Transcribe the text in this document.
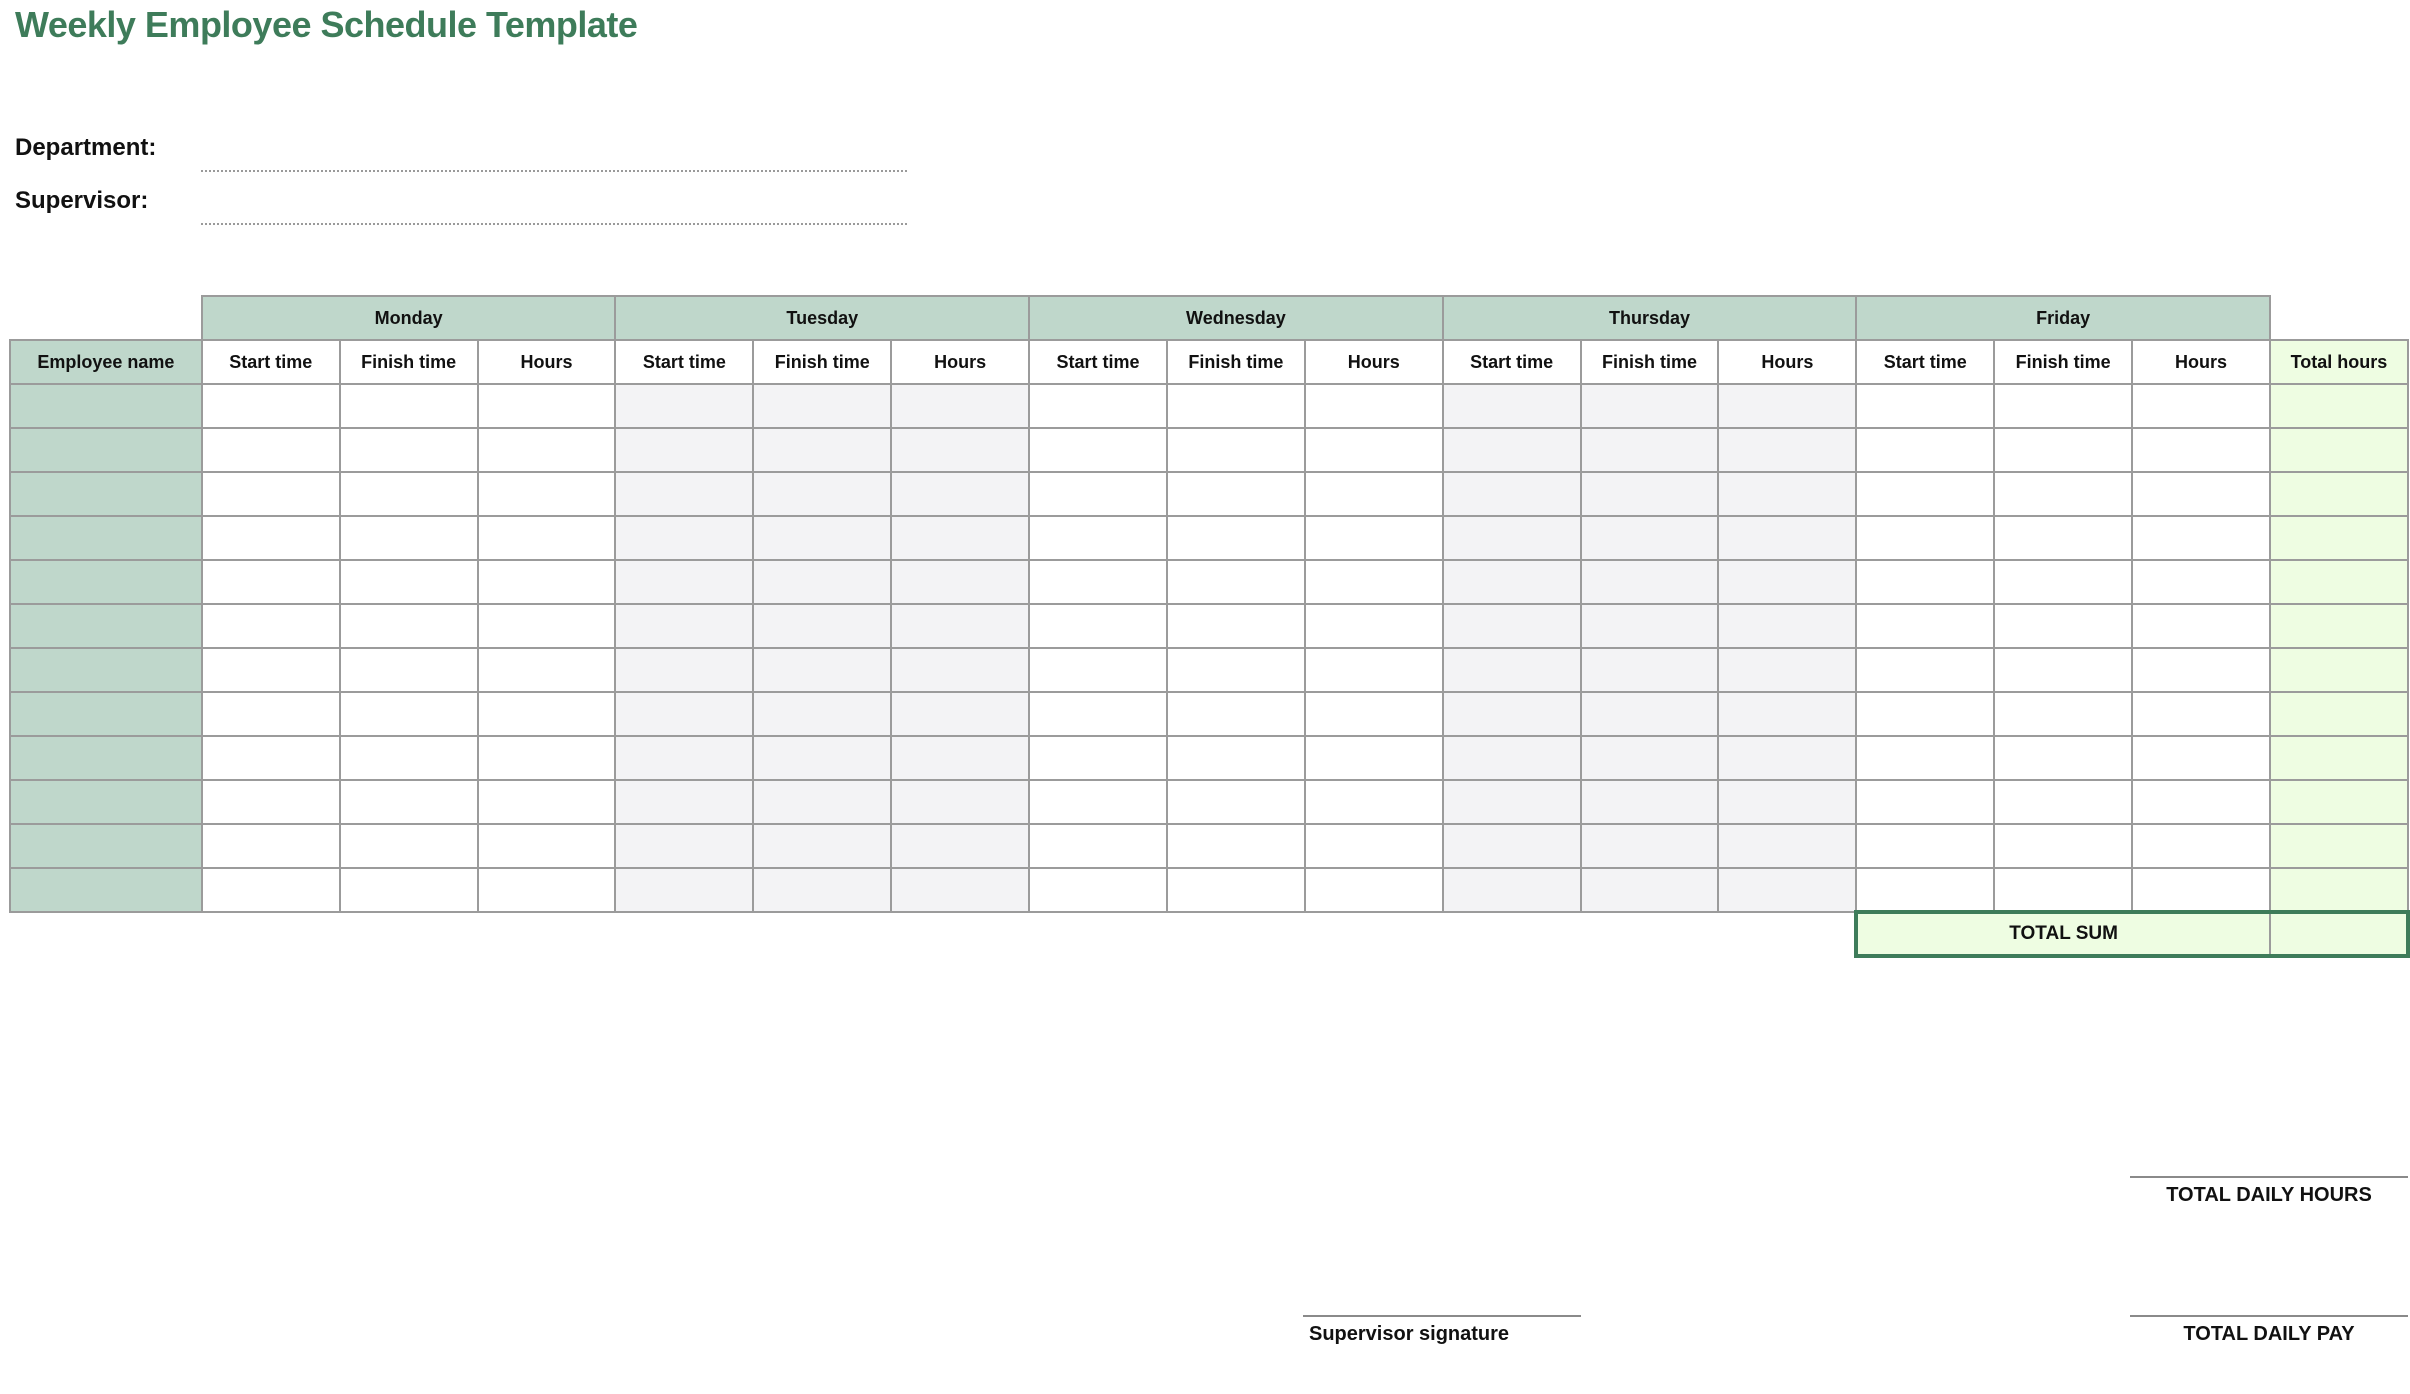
Weekly Employee Schedule Template
Department:
Supervisor:
	Monday			Tuesday			Wednesday			Thursday			Friday			
Employee name	Start time	Finish time	Hours	Start time	Finish time	Hours	Start time	Finish time	Hours	Start time	Finish time	Hours	Start time	Finish time	Hours	Total hours

													TOTAL SUM			
TOTAL DAILY HOURS
Supervisor signature	TOTAL DAILY PAY
